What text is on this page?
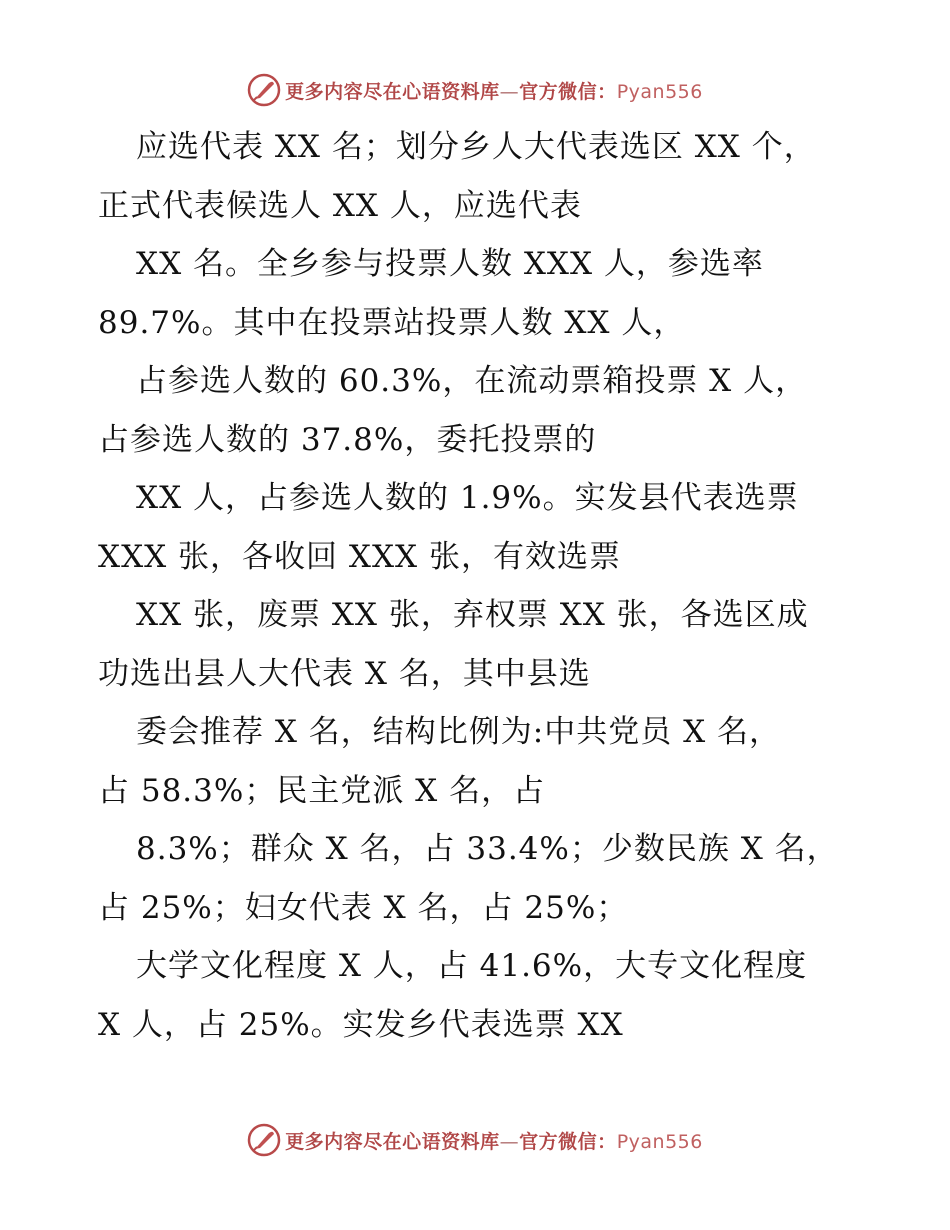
更多内容尽在心语资料库—官方微信：Pyan556
应选代表 XX 名；划分乡人大代表选区 XX 个，
正式代表候选人 XX 人，应选代表
XX 名。全乡参与投票人数 XXX 人，参选率
89.7%。其中在投票站投票人数 XX 人，
占参选人数的 60.3%，在流动票箱投票 X 人，
占参选人数的 37.8%，委托投票的
XX 人，占参选人数的 1.9%。实发县代表选票
XXX 张，各收回 XXX 张，有效选票
XX 张，废票 XX 张，弃权票 XX 张，各选区成
功选出县人大代表 X 名，其中县选
委会推荐 X 名，结构比例为:中共党员 X 名，
占 58.3%；民主党派 X 名，占
8.3%；群众 X 名，占 33.4%；少数民族 X 名，
占 25%；妇女代表 X 名，占 25%；
大学文化程度 X 人，占 41.6%，大专文化程度
X 人，占 25%。实发乡代表选票 XX
更多内容尽在心语资料库—官方微信：Pyan556
